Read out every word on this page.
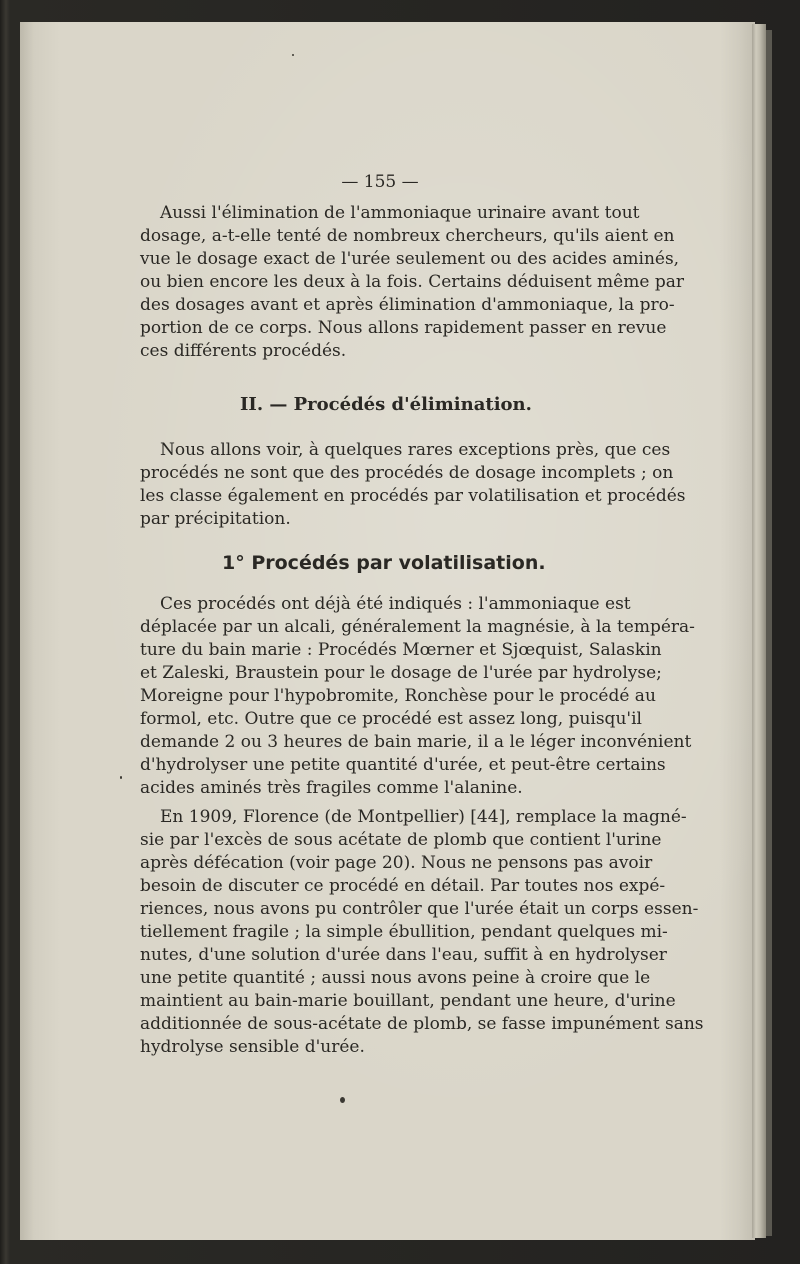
— 155 —
Aussi l'élimination de l'ammoniaque urinaire avant tout
dosage, a-t-elle tenté de nombreux chercheurs, qu'ils aient en
vue le dosage exact de l'urée seulement ou des acides aminés,
ou bien encore les deux à la fois. Certains déduisent même par
des dosages avant et après élimination d'ammoniaque, la pro-
portion de ce corps. Nous allons rapidement passer en revue
ces différents procédés.
II. — Procédés d'élimination.
Nous allons voir, à quelques rares exceptions près, que ces
procédés ne sont que des procédés de dosage incomplets ; on
les classe également en procédés par volatilisation et procédés
par précipitation.
1° Procédés par volatilisation.
Ces procédés ont déjà été indiqués : l'ammoniaque est
déplacée par un alcali, généralement la magnésie, à la tempéra-
ture du bain marie : Procédés Mœrner et Sjœquist, Salaskin
et Zaleski, Braustein pour le dosage de l'urée par hydrolyse;
Moreigne pour l'hypobromite, Ronchèse pour le procédé au
formol, etc. Outre que ce procédé est assez long, puisqu'il
demande 2 ou 3 heures de bain marie, il a le léger inconvénient
d'hydrolyser une petite quantité d'urée, et peut-être certains
acides aminés très fragiles comme l'alanine.
En 1909, Florence (de Montpellier) [44], remplace la magné-
sie par l'excès de sous acétate de plomb que contient l'urine
après défécation (voir page 20). Nous ne pensons pas avoir
besoin de discuter ce procédé en détail. Par toutes nos expé-
riences, nous avons pu contrôler que l'urée était un corps essen-
tiellement fragile ; la simple ébullition, pendant quelques mi-
nutes, d'une solution d'urée dans l'eau, suffit à en hydrolyser
une petite quantité ; aussi nous avons peine à croire que le
maintient au bain-marie bouillant, pendant une heure, d'urine
additionnée de sous-acétate de plomb, se fasse impunément sans
hydrolyse sensible d'urée.
